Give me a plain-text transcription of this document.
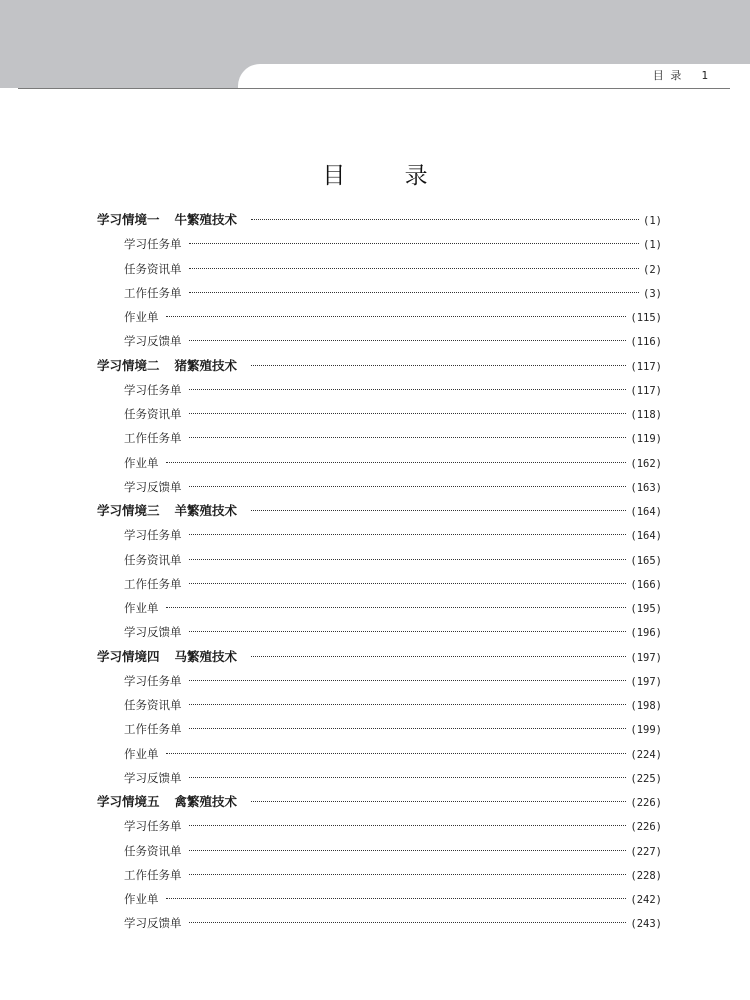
目 录 1
目 录
学习情境一 牛繁殖技术	(1)
学习任务单	(1)
任务资讯单	(2)
工作任务单	(3)
作业单	(115)
学习反馈单	(116)
学习情境二 猪繁殖技术	(117)
学习任务单	(117)
任务资讯单	(118)
工作任务单	(119)
作业单	(162)
学习反馈单	(163)
学习情境三 羊繁殖技术	(164)
学习任务单	(164)
任务资讯单	(165)
工作任务单	(166)
作业单	(195)
学习反馈单	(196)
学习情境四 马繁殖技术	(197)
学习任务单	(197)
任务资讯单	(198)
工作任务单	(199)
作业单	(224)
学习反馈单	(225)
学习情境五 禽繁殖技术	(226)
学习任务单	(226)
任务资讯单	(227)
工作任务单	(228)
作业单	(242)
学习反馈单	(243)
